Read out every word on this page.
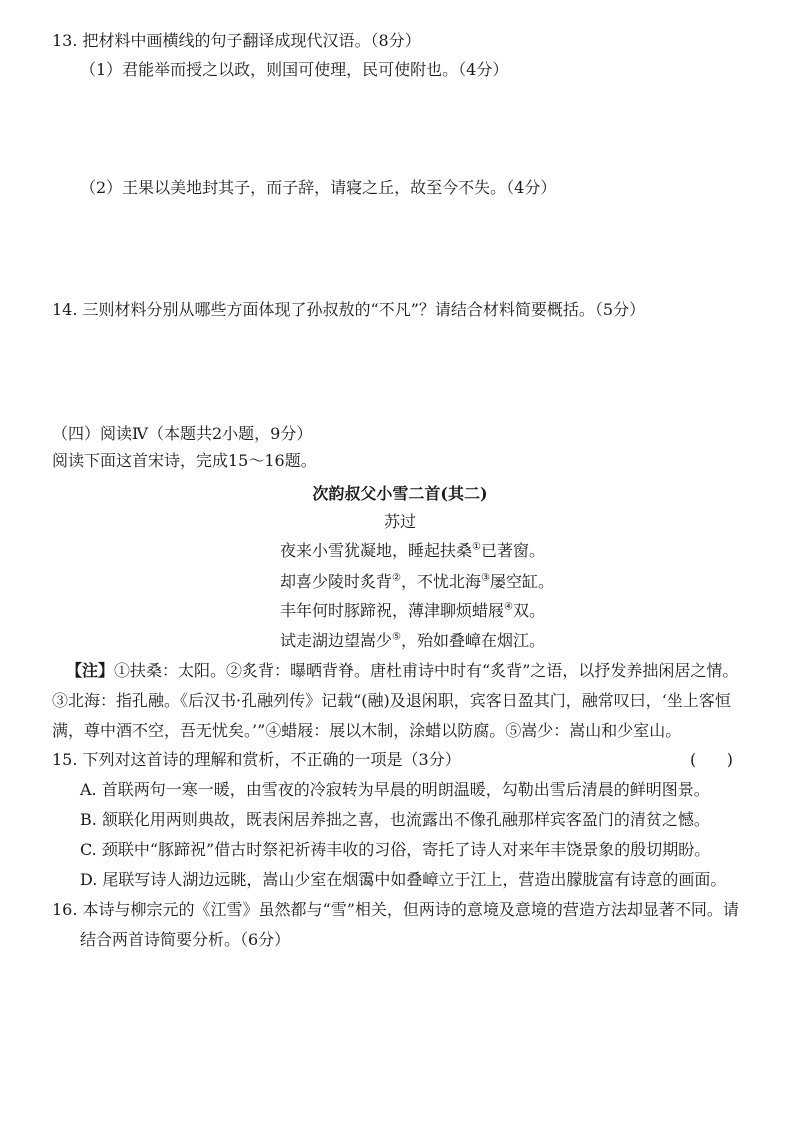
13. 把材料中画横线的句子翻译成现代汉语。（8分）
（1）君能举而授之以政，则国可使理，民可使附也。（4分）
（2）王果以美地封其子，而子辞，请寝之丘，故至今不失。（4分）
14. 三则材料分别从哪些方面体现了孙叔敖的“不凡”？请结合材料简要概括。（5分）
（四）阅读Ⅳ（本题共2小题，9分）
阅读下面这首宋诗，完成15～16题。
次韵叔父小雪二首(其二)
苏过
夜来小雪犹凝地，睡起扶桑①已著窗。
却喜少陵时炙背②，不忧北海③屡空缸。
丰年何时豚蹄祝，薄津聊烦蜡屐④双。
试走湖边望嵩少⑤，殆如叠嶂在烟江。
【注】①扶桑：太阳。②炙背：曝晒背脊。唐杜甫诗中时有“炙背”之语，以抒发养拙闲居之情。
③北海：指孔融。《后汉书·孔融列传》记载“(融)及退闲职，宾客日盈其门，融常叹曰，‘坐上客恒
满，尊中酒不空，吾无忧矣。’”④蜡屐：展以木制，涂蜡以防腐。⑤嵩少：嵩山和少室山。
15. 下列对这首诗的理解和赏析，不正确的一项是（3分）	(      )
A. 首联两句一寒一暖，由雪夜的冷寂转为早晨的明朗温暖，勾勒出雪后清晨的鲜明图景。
B. 颔联化用两则典故，既表闲居养拙之喜，也流露出不像孔融那样宾客盈门的清贫之憾。
C. 颈联中“豚蹄祝”借古时祭祀祈祷丰收的习俗，寄托了诗人对来年丰饶景象的殷切期盼。
D. 尾联写诗人湖边远眺，嵩山少室在烟霭中如叠嶂立于江上，营造出朦胧富有诗意的画面。
16. 本诗与柳宗元的《江雪》虽然都与“雪”相关，但两诗的意境及意境的营造方法却显著不同。请
结合两首诗简要分析。（6分）
